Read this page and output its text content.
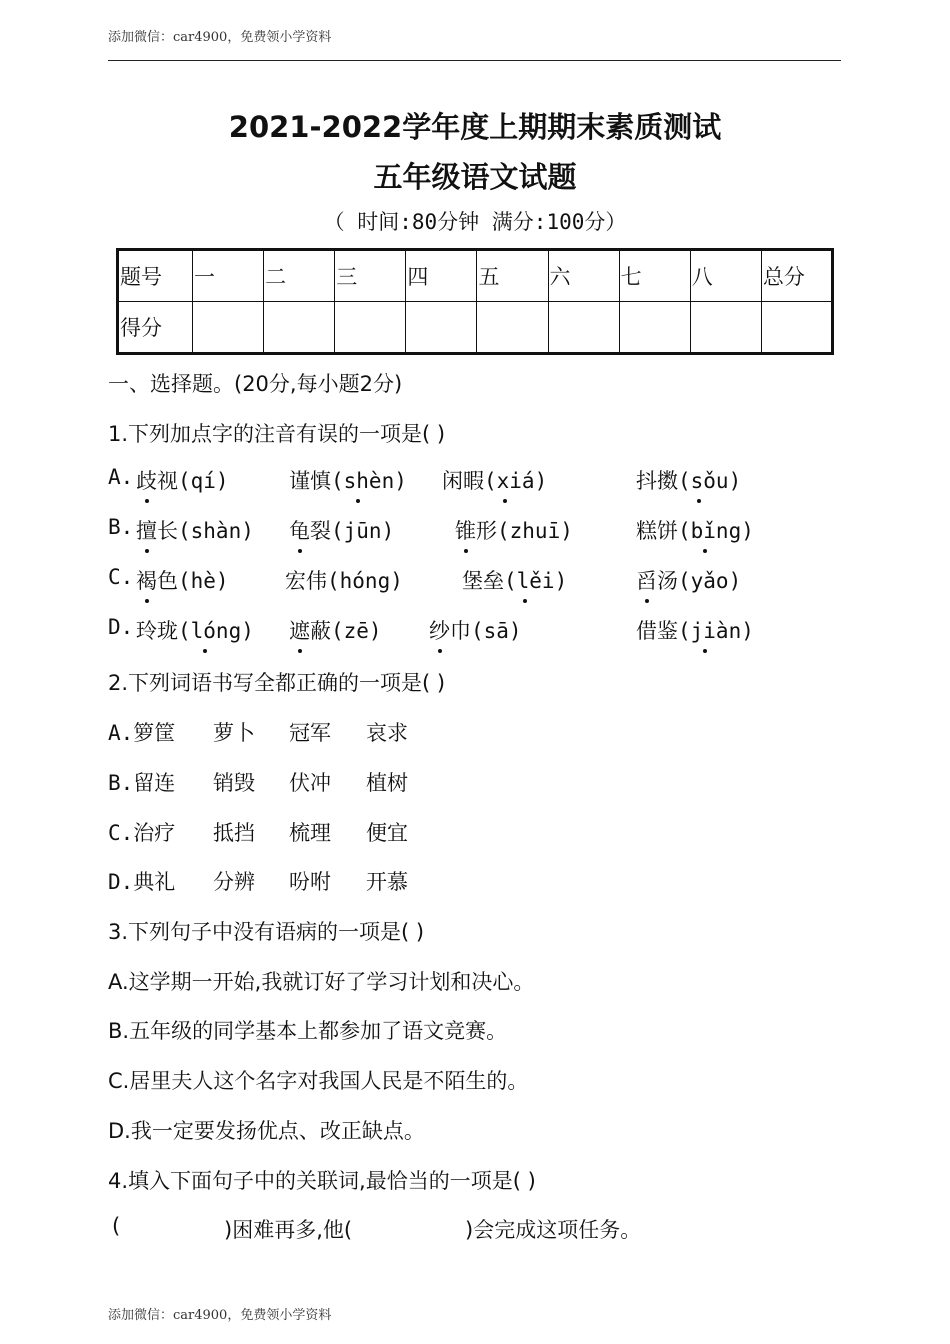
添加微信：car4900，免费领小学资料
2021-2022学年度上期期末素质测试
五年级语文试题
（ 时间:80分钟 满分:100分）
题号	一	二	三	四	五	六	七	八	总分
得分									
一、选择题。(20分,每小题2分)
1.下列加点字的注音有误的一项是( )
A. 歧视(qí)	谨慎(shèn) 闲暇(xiá)	抖擞(sǒu)
B. 擅长(shàn) 龟裂(jūn)	锥形(zhuī)	糕饼(bǐng)
C. 褐色(hè)	宏伟(hóng)	堡垒(lěi)	舀汤(yǎo)
D. 玲珑(lóng) 遮蔽(zē) 纱巾(sā)	借鉴(jiàn)
2.下列词语书写全都正确的一项是( )
A.箩筐 萝卜 冠军 哀求
B.留连 销毁 伏冲 植树
C.治疗 抵挡 梳理 便宜
D.典礼 分辨 吩咐 开慕
3.下列句子中没有语病的一项是( )
A.这学期一开始,我就订好了学习计划和决心。
B.五年级的同学基本上都参加了语文竞赛。
C.居里夫人这个名字对我国人民是不陌生的。
D.我一定要发扬优点、改正缺点。
4.填入下面句子中的关联词,最恰当的一项是( )
(	)困难再多,他(	)会完成这项任务。
添加微信：car4900，免费领小学资料
